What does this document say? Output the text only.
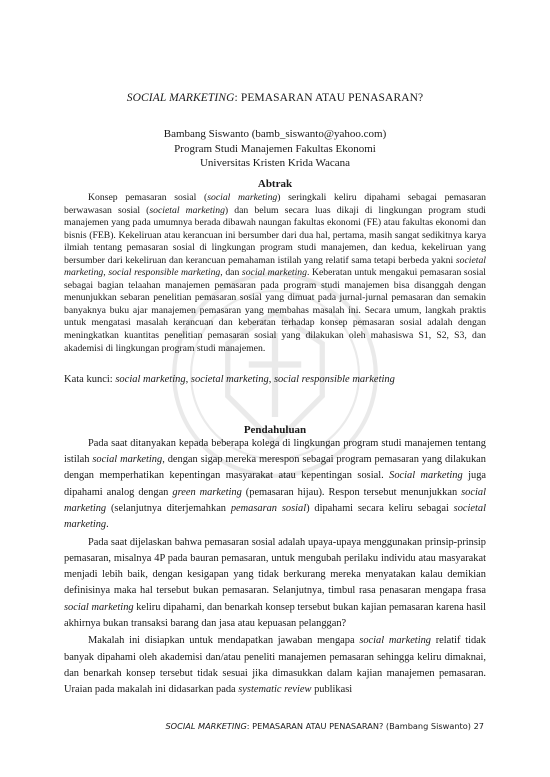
SOCIAL MARKETING: PEMASARAN ATAU PENASARAN?
Bambang Siswanto (bamb_siswanto@yahoo.com)
Program Studi Manajemen Fakultas Ekonomi
Universitas Kristen Krida Wacana
Abtrak
Konsep pemasaran sosial (social marketing) seringkali keliru dipahami sebagai pemasaran berwawasan sosial (societal marketing) dan belum secara luas dikaji di lingkungan program studi manajemen yang pada umumnya berada dibawah naungan fakultas ekonomi (FE) atau fakultas ekonomi dan bisnis (FEB). Kekeliruan atau kerancuan ini bersumber dari dua hal, pertama, masih sangat sedikitnya karya ilmiah tentang pemasaran sosial di lingkungan program studi manajemen, dan kedua, kekeliruan yang bersumber dari kekeliruan dan kerancuan pemahaman istilah yang relatif sama tetapi berbeda yakni societal marketing, social responsible marketing, dan social marketing. Keberatan untuk mengakui pemasaran sosial sebagai bagian telaahan manajemen pemasaran pada program studi manajemen bisa disanggah dengan menunjukkan sebaran penelitian pemasaran sosial yang dimuat pada jurnal-jurnal pemasaran dan semakin banyaknya buku ajar manajemen pemasaran yang membahas masalah ini. Secara umum, langkah praktis untuk mengatasi masalah kerancuan dan keberatan terhadap konsep pemasaran sosial adalah dengan meningkatkan kuantitas penelitian pemasaran sosial yang dilakukan oleh mahasiswa S1, S2, S3, dan akademisi di lingkungan program studi manajemen.
Kata kunci: social marketing, societal marketing, social responsible marketing
Pendahuluan

Pada saat ditanyakan kepada beberapa kolega di lingkungan program studi manajemen tentang istilah social marketing, dengan sigap mereka merespon sebagai program pemasaran yang dilakukan dengan memperhatikan kepentingan masyarakat atau kepentingan sosial. Social marketing juga dipahami analog dengan green marketing (pemasaran hijau). Respon tersebut menunjukkan social marketing (selanjutnya diterjemahkan pemasaran sosial) dipahami secara keliru sebagai societal marketing.

Pada saat dijelaskan bahwa pemasaran sosial adalah upaya-upaya menggunakan prinsip-prinsip pemasaran, misalnya 4P pada bauran pemasaran, untuk mengubah perilaku individu atau masyarakat menjadi lebih baik, dengan kesigapan yang tidak berkurang mereka menyatakan kalau demikian definisinya maka hal tersebut bukan pemasaran. Selanjutnya, timbul rasa penasaran mengapa frasa social marketing keliru dipahami, dan benarkah konsep tersebut bukan kajian pemasaran karena hasil akhirnya bukan transaksi barang dan jasa atau kepuasan pelanggan?

Makalah ini disiapkan untuk mendapatkan jawaban mengapa social marketing relatif tidak banyak dipahami oleh akademisi dan/atau peneliti manajemen pemasaran sehingga keliru dimaknai, dan benarkah konsep tersebut tidak sesuai jika dimasukkan dalam kajian manajemen pemasaran. Uraian pada makalah ini didasarkan pada systematic review publikasi

SOCIAL MARKETING: PEMASARAN ATAU PENASARAN? (Bambang Siswanto) 27
